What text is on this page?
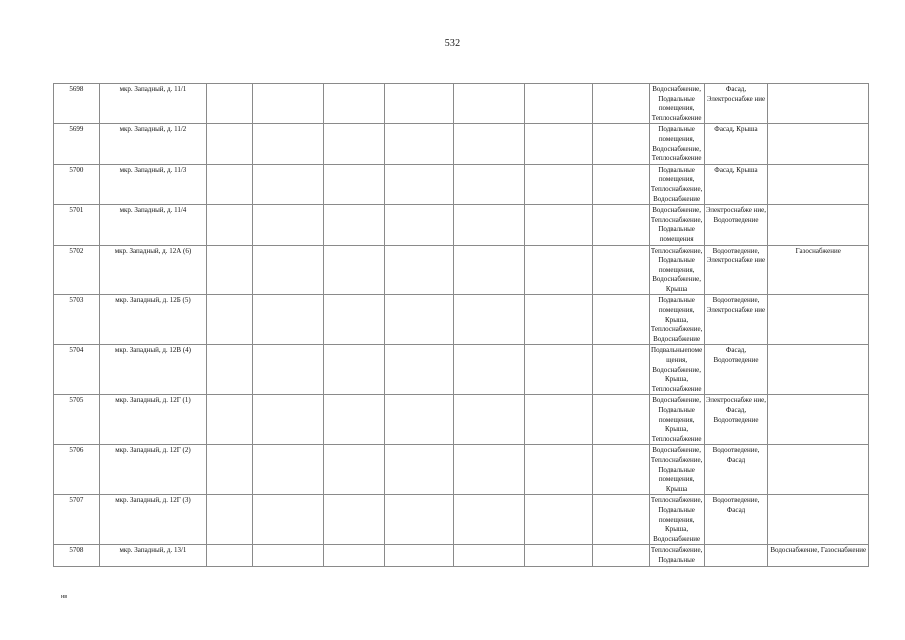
532
5698	мкр. Западный, д. 11/1								Водоснабжение, Подвальные помещения, Теплоснабжение	Фасад, Электроснабже ние	
5699	мкр. Западный, д. 11/2								Подвальные помещения, Водоснабжение, Теплоснабжение	Фасад, Крыша	
5700	мкр. Западный, д. 11/3								Подвальные помещения, Теплоснабжение, Водоснабжение	Фасад, Крыша	
5701	мкр. Западный, д. 11/4								Водоснабжение, Теплоснабжение, Подвальные помещения	Электроснабже ние, Водоотведение	
5702	мкр. Западный, д. 12А (6)								Теплоснабжение, Подвальные помещения, Водоснабжение, Крыша	Водоотведение, Электроснабже ние	Газоснабжение
5703	мкр. Западный, д. 12Б (5)								Подвальные помещения, Крыша, Теплоснабжение, Водоснабжение	Водоотведение, Электроснабже ние	
5704	мкр. Западный, д. 12В (4)								Подвальныепоме щения, Водоснабжение, Крыша, Теплоснабжение	Фасад, Водоотведение	
5705	мкр. Западный, д. 12Г (1)								Водоснабжение, Подвальные помещения, Крыша, Теплоснабжение	Электроснабже ние, Фасад, Водоотведение	
5706	мкр. Западный, д. 12Г (2)								Водоснабжение, Теплоснабжение, Подвальные помещения, Крыша	Водоотведение, Фасад	
5707	мкр. Западный, д. 12Г (3)								Теплоснабжение, Подвальные помещения, Крыша, Водоснабжение	Водоотведение, Фасад	
5708	мкр. Западный, д. 13/1								Теплоснабжение, Подвальные		Водоснабжение, Газоснабжение
нв
